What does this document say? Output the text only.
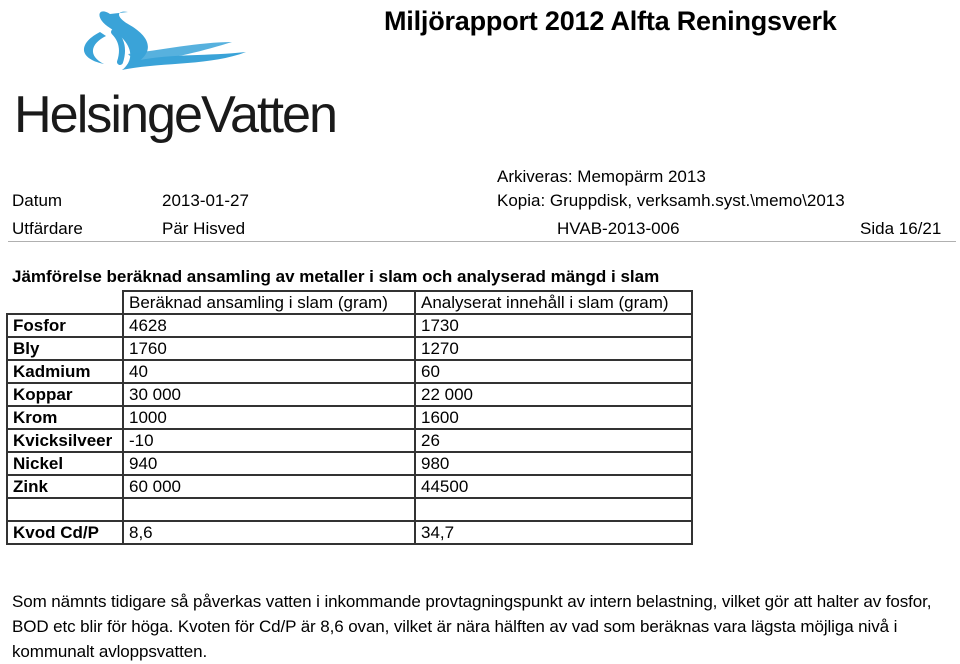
HelsingeVatten
Miljörapport 2012 Alfta Reningsverk
Arkiveras: Memopärm 2013
Datum	2013-01-27	Kopia: Gruppdisk, verksamh.syst.\memo\2013
Utfärdare	Pär Hisved	HVAB-2013-006	Sida 16/21
Jämförelse beräknad ansamling av metaller i slam och analyserad mängd i slam
	Beräknad ansamling i slam (gram)	Analyserat innehåll i slam (gram)
Fosfor	4628	1730
Bly	1760	1270
Kadmium	40	60
Koppar	30 000	22 000
Krom	1000	1600
Kvicksilveer	-10	26
Nickel	940	980
Zink	60 000	44500

Kvod Cd/P	8,6	34,7
Som nämnts tidigare så påverkas vatten i inkommande provtagningspunkt av intern belastning, vilket gör att halter av fosfor, BOD etc blir för höga. Kvoten för Cd/P är 8,6 ovan, vilket är nära hälften av vad som beräknas vara lägsta möjliga nivå i kommunalt avloppsvatten.
